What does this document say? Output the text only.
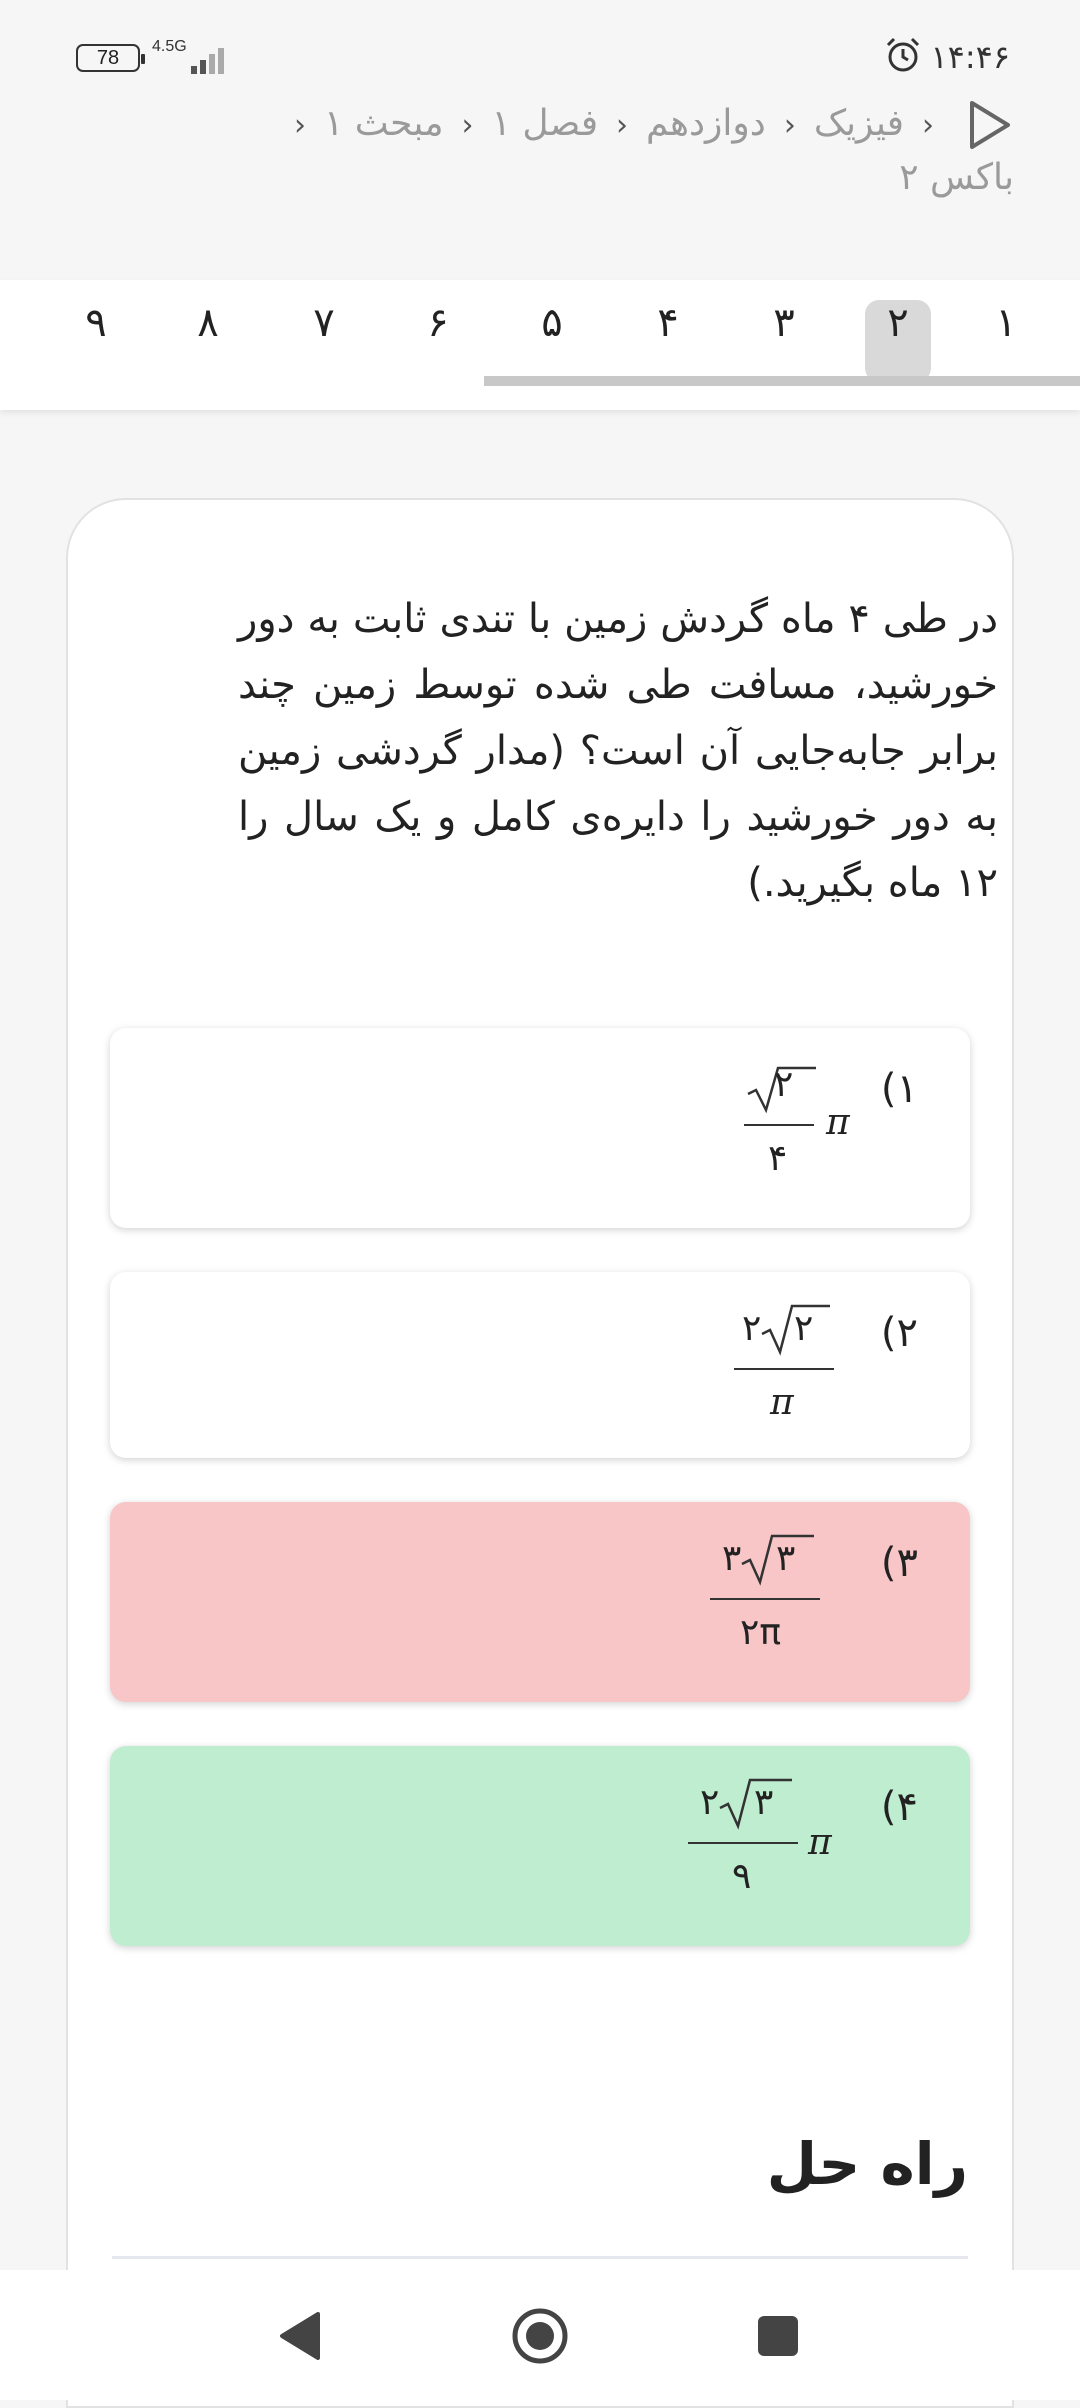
78
4.5G	۱۴:۴۶
‹فیزیک‹دوازدهم‹فصل ۱‹مبحث ۱‹
باکس ۲
۱
۲
۳
۴
۵
۶
۷
۸
۹
در طی ۴ ماه گردش زمین با تندی ثابت به دور خورشید، مسافت طی شده توسط زمین چند برابر جابه‌جایی آن است؟ (مدار گردشی زمین به دور خورشید را دایره‌ی کامل و یک سال را ۱۲ ماه بگیرید.)
۱)
۲
۴
π
۲)
۲ ۲
π
۳)
۳ ۳
۲π
۴)
۲ ۳
۹
π
راه حل
